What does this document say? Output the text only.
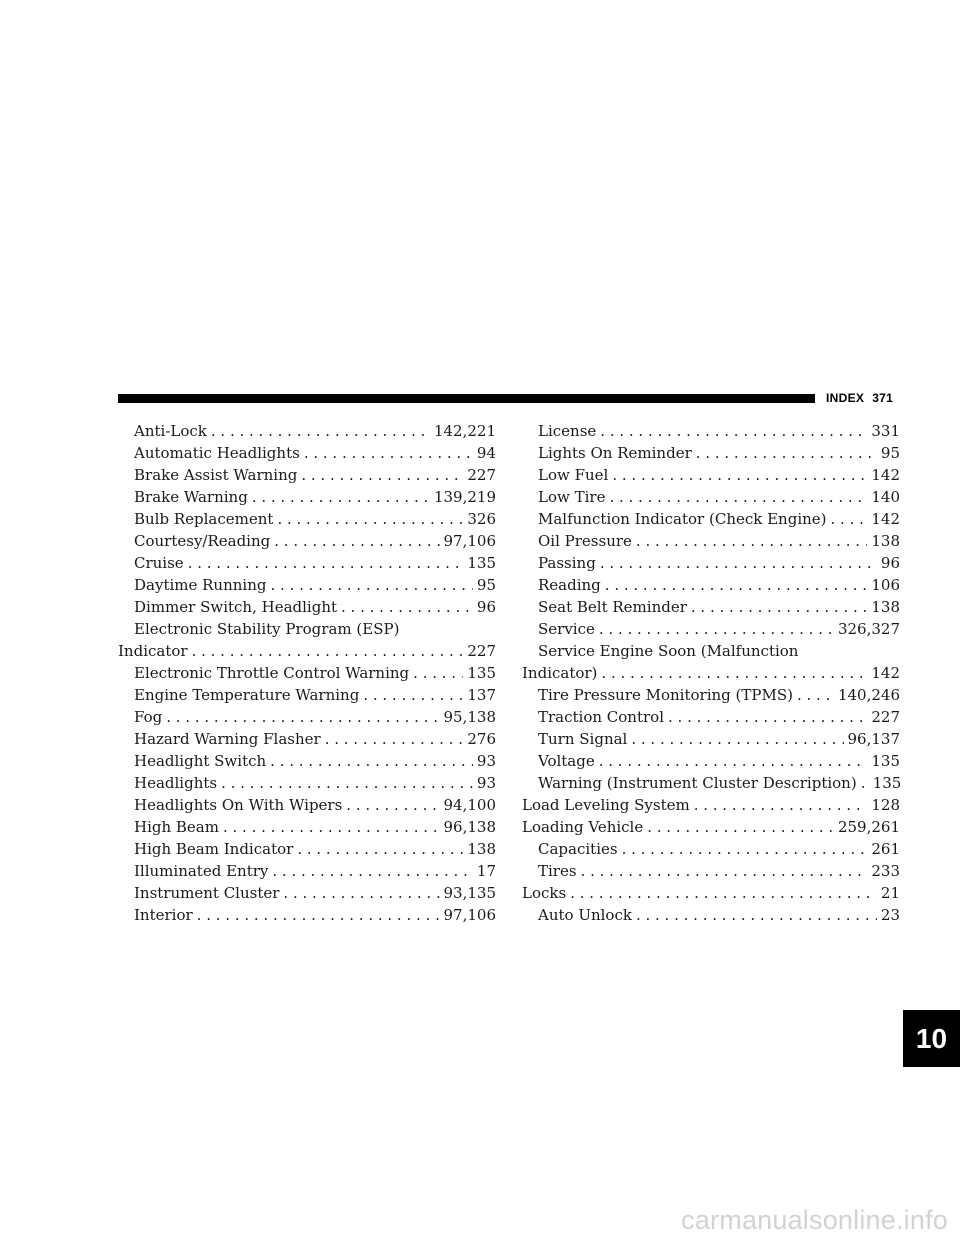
INDEX 371
Anti-Lock . . .	142,221
Automatic Headlights . . .	94
Brake Assist Warning . . .	227
Brake Warning . . .	139,219
Bulb Replacement . . .	326
Courtesy/Reading . . .	97,106
Cruise . . .	135
Daytime Running . . .	95
Dimmer Switch, Headlight . . .	96
Electronic Stability Program (ESP)
Indicator . . .	227
Electronic Throttle Control Warning . . .	135
Engine Temperature Warning . . .	137
Fog . . .	95,138
Hazard Warning Flasher . . .	276
Headlight Switch . . .	93
Headlights . . .	93
Headlights On With Wipers . . .	94,100
High Beam . . .	96,138
High Beam Indicator . . .	138
Illuminated Entry . . .	17
Instrument Cluster . . .	93,135
Interior . . .	97,106
License . . .	331
Lights On Reminder . . .	95
Low Fuel . . .	142
Low Tire . . .	140
Malfunction Indicator (Check Engine) . . .	142
Oil Pressure . . .	138
Passing . . .	96
Reading . . .	106
Seat Belt Reminder . . .	138
Service . . .	326,327
Service Engine Soon (Malfunction
Indicator) . . .	142
Tire Pressure Monitoring (TPMS) . . .	140,246
Traction Control . . .	227
Turn Signal . . .	96,137
Voltage . . .	135
Warning (Instrument Cluster Description) . . . 135
Load Leveling System . . .	128
Loading Vehicle . . .	259,261
Capacities . . .	261
Tires . . .	233
Locks . . .	21
Auto Unlock . . .	23
10
carmanualsonline.info
